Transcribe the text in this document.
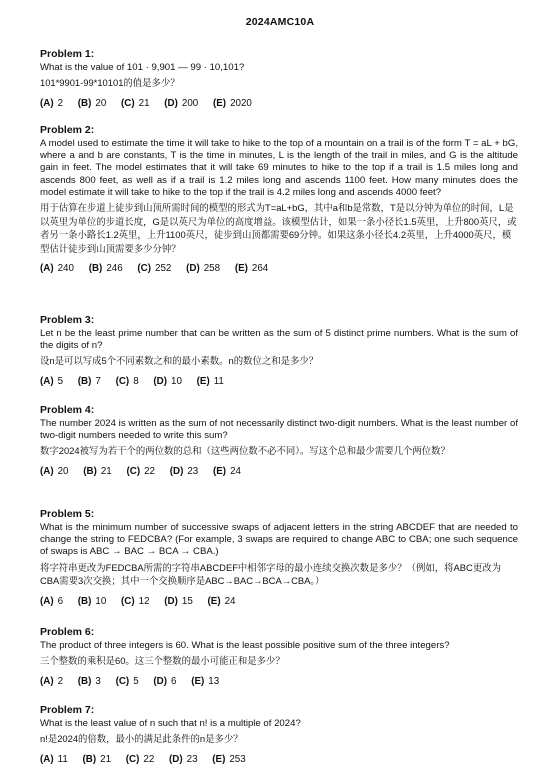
2024AMC10A
Problem 1:

What is the value of 101 · 9,901 — 99 · 10,101?

101*9901-99*10101的值是多少？

(A) 2 (B) 20 (C) 21 (D) 200 (E) 2020
Problem 2:

A model used to estimate the time it will take to hike to the top of a mountain on a trail is of the form T = aL + bG, where a and b are constants, T is the time in minutes, L is the length of the trail in miles, and G is the altitude gain in feet. The model estimates that it will take 69 minutes to hike to the top if a trail is 1.5 miles long and ascends 800 feet, as well as if a trail is 1.2 miles long and ascends 1100 feet. How many minutes does the model estimate it will take to hike to the top if the trail is 4.2 miles long and ascends 4000 feet?

用于估算在步道上徒步到山顶所需时间的模型的形式为T=aL+bG，其中a和b是常数，T是以分钟为单位的时间，L是以英里为单位的步道长度，G是以英尺为单位的高度增益。该模型估计，如果一条小径长1.5英里，上升800英尺，或者另一条小路长1.2英里，上升1100英尺，徒步到山顶都需要69分钟。如果这条小径长4.2英里，上升4000英尺，模型估计徒步到山顶需要多少分钟？

(A) 240 (B) 246 (C) 252 (D) 258 (E) 264
Problem 3:

Let n be the least prime number that can be written as the sum of 5 distinct prime numbers. What is the sum of the digits of n?

设n是可以写成5个不同素数之和的最小素数。n的数位之和是多少？

(A) 5 (B) 7 (C) 8 (D) 10 (E) 11
Problem 4:

The number 2024 is written as the sum of not necessarily distinct two-digit numbers. What is the least number of two-digit numbers needed to write this sum?

数字2024被写为若干个的两位数的总和（这些两位数不必不同）。写这个总和最少需要几个两位数？

(A) 20 (B) 21 (C) 22 (D) 23 (E) 24
Problem 5:

What is the minimum number of successive swaps of adjacent letters in the string ABCDEF that are needed to change the string to FEDCBA? (For example, 3 swaps are required to change ABC to CBA; one such sequence of swaps is ABC → BAC → BCA → CBA.)

将字符串更改为FEDCBA所需的字符串ABCDEF中相邻字母的最小连续交换次数是多少？（例如，将ABC更改为CBA需要3次交换；其中一个交换顺序是ABC→BAC→BCA→CBA。）

(A) 6 (B) 10 (C) 12 (D) 15 (E) 24
Problem 6:

The product of three integers is 60. What is the least possible positive sum of the three integers?

三个整数的乘积是60。这三个整数的最小可能正和是多少？

(A) 2 (B) 3 (C) 5 (D) 6 (E) 13
Problem 7:

What is the least value of n such that n! is a multiple of 2024?

n!是2024的倍数，最小的满足此条件的n是多少？

(A) 11 (B) 21 (C) 22 (D) 23 (E) 253
